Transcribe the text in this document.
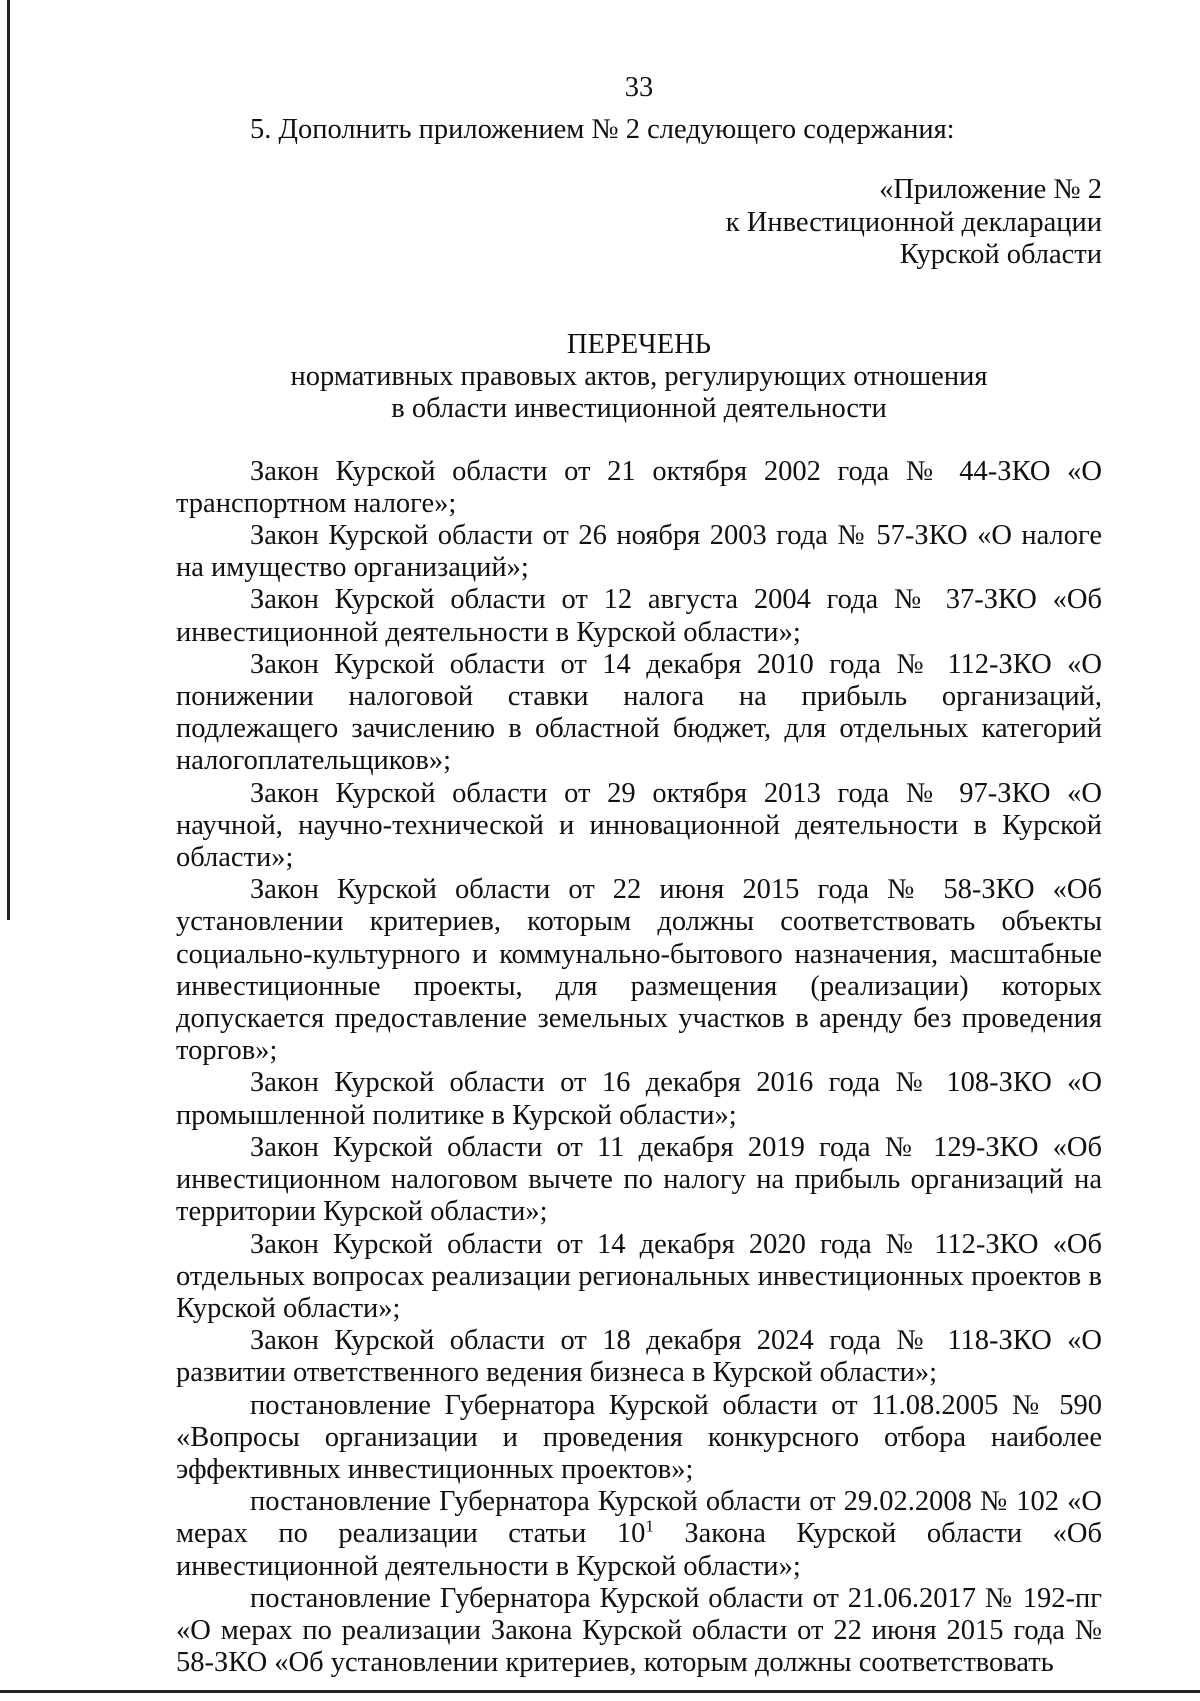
33
5. Дополнить приложением № 2 следующего содержания:
«Приложение № 2
к Инвестиционной декларации
Курской области
ПЕРЕЧЕНЬ
нормативных правовых актов, регулирующих отношения
в области инвестиционной деятельности

Закон Курской области от 21 октября 2002 года № 44-ЗКО «О транспортном налоге»;

Закон Курской области от 26 ноября 2003 года № 57-ЗКО «О налоге на имущество организаций»;

Закон Курской области от 12 августа 2004 года № 37-ЗКО «Об инвестиционной деятельности в Курской области»;

Закон Курской области от 14 декабря 2010 года № 112-ЗКО «О понижении налоговой ставки налога на прибыль организаций, подлежащего зачислению в областной бюджет, для отдельных категорий налогоплательщиков»;

Закон Курской области от 29 октября 2013 года № 97-ЗКО «О научной, научно-технической и инновационной деятельности в Курской области»;

Закон Курской области от 22 июня 2015 года № 58-ЗКО «Об установлении критериев, которым должны соответствовать объекты социально-культурного и коммунально-бытового назначения, масштабные инвестиционные проекты, для размещения (реализации) которых допускается предоставление земельных участков в аренду без проведения торгов»;

Закон Курской области от 16 декабря 2016 года № 108-ЗКО «О промышленной политике в Курской области»;

Закон Курской области от 11 декабря 2019 года № 129-ЗКО «Об инвестиционном налоговом вычете по налогу на прибыль организаций на территории Курской области»;

Закон Курской области от 14 декабря 2020 года № 112-ЗКО «Об отдельных вопросах реализации региональных инвестиционных проектов в Курской области»;

Закон Курской области от 18 декабря 2024 года № 118-ЗКО «О развитии ответственного ведения бизнеса в Курской области»;

постановление Губернатора Курской области от 11.08.2005 № 590 «Вопросы организации и проведения конкурсного отбора наиболее эффективных инвестиционных проектов»;

постановление Губернатора Курской области от 29.02.2008 № 102 «О мерах по реализации статьи $10^1$ Закона Курской области «Об инвестиционной деятельности в Курской области»;

постановление Губернатора Курской области от 21.06.2017 № 192-пг «О мерах по реализации Закона Курской области от 22 июня 2015 года № 58-ЗКО «Об установлении критериев, которым должны соответствовать
